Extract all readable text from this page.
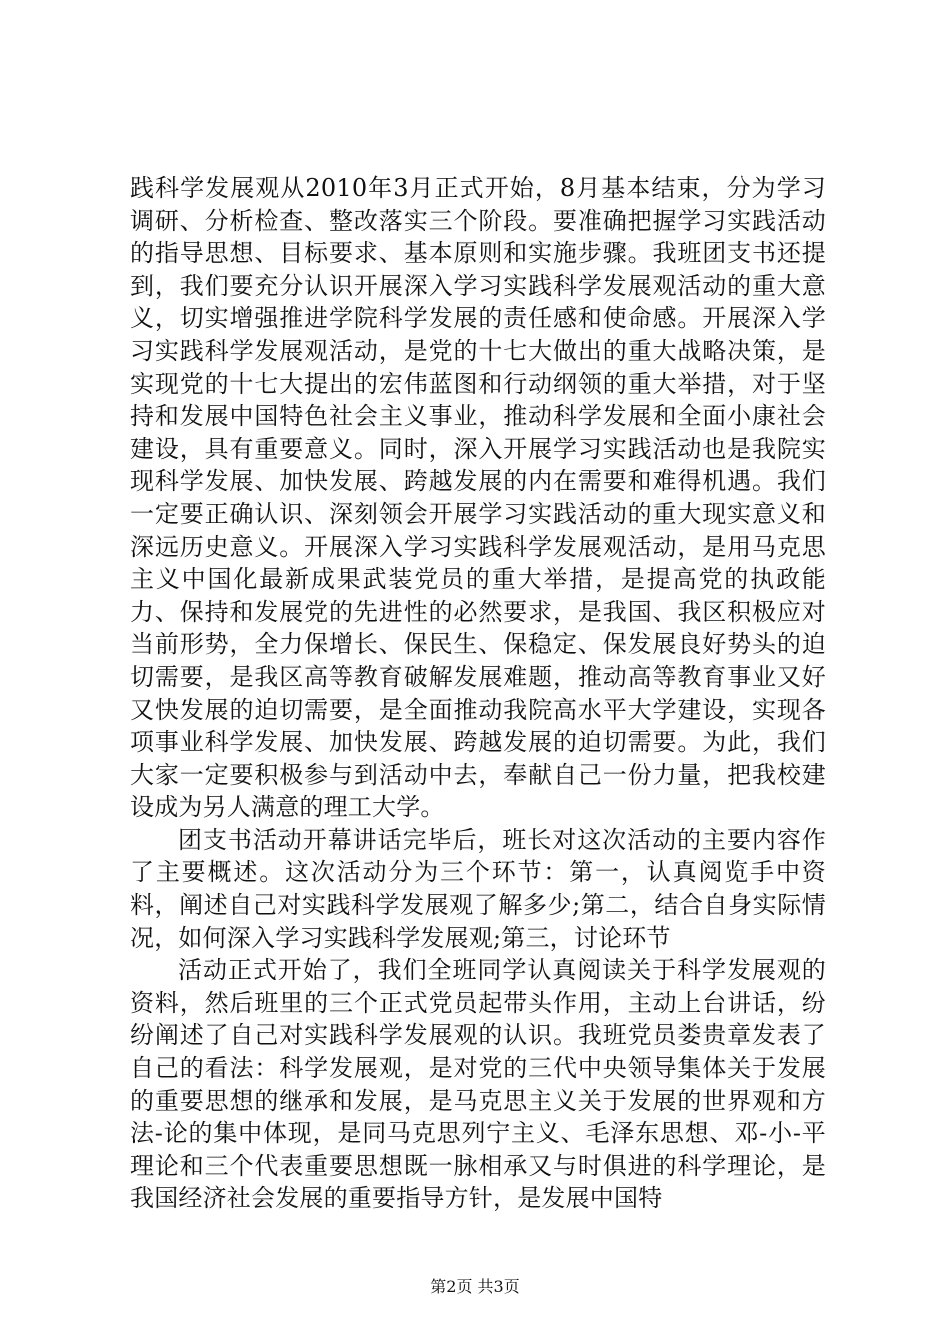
践科学发展观从2010年3月正式开始，8月基本结束，分为学习调研、分析检查、整改落实三个阶段。要准确把握学习实践活动的指导思想、目标要求、基本原则和实施步骤。我班团支书还提到，我们要充分认识开展深入学习实践科学发展观活动的重大意义，切实增强推进学院科学发展的责任感和使命感。开展深入学习实践科学发展观活动，是党的十七大做出的重大战略决策，是实现党的十七大提出的宏伟蓝图和行动纲领的重大举措，对于坚持和发展中国特色社会主义事业，推动科学发展和全面小康社会建设，具有重要意义。同时，深入开展学习实践活动也是我院实现科学发展、加快发展、跨越发展的内在需要和难得机遇。我们一定要正确认识、深刻领会开展学习实践活动的重大现实意义和深远历史意义。开展深入学习实践科学发展观活动，是用马克思主义中国化最新成果武装党员的重大举措，是提高党的执政能力、保持和发展党的先进性的必然要求，是我国、我区积极应对当前形势，全力保增长、保民生、保稳定、保发展良好势头的迫切需要，是我区高等教育破解发展难题，推动高等教育事业又好又快发展的迫切需要，是全面推动我院高水平大学建设，实现各项事业科学发展、加快发展、跨越发展的迫切需要。为此，我们大家一定要积极参与到活动中去，奉献自己一份力量，把我校建设成为另人满意的理工大学。

团支书活动开幕讲话完毕后，班长对这次活动的主要内容作了主要概述。这次活动分为三个环节：第一，认真阅览手中资料，阐述自己对实践科学发展观了解多少;第二，结合自身实际情况，如何深入学习实践科学发展观;第三，讨论环节

活动正式开始了，我们全班同学认真阅读关于科学发展观的资料，然后班里的三个正式党员起带头作用，主动上台讲话，纷纷阐述了自己对实践科学发展观的认识。我班党员娄贵章发表了自己的看法：科学发展观，是对党的三代中央领导集体关于发展的重要思想的继承和发展，是马克思主义关于发展的世界观和方法-论的集中体现，是同马克思列宁主义、毛泽东思想、邓-小-平理论和三个代表重要思想既一脉相承又与时俱进的科学理论，是我国经济社会发展的重要指导方针，是发展中国特

第2页 共3页
